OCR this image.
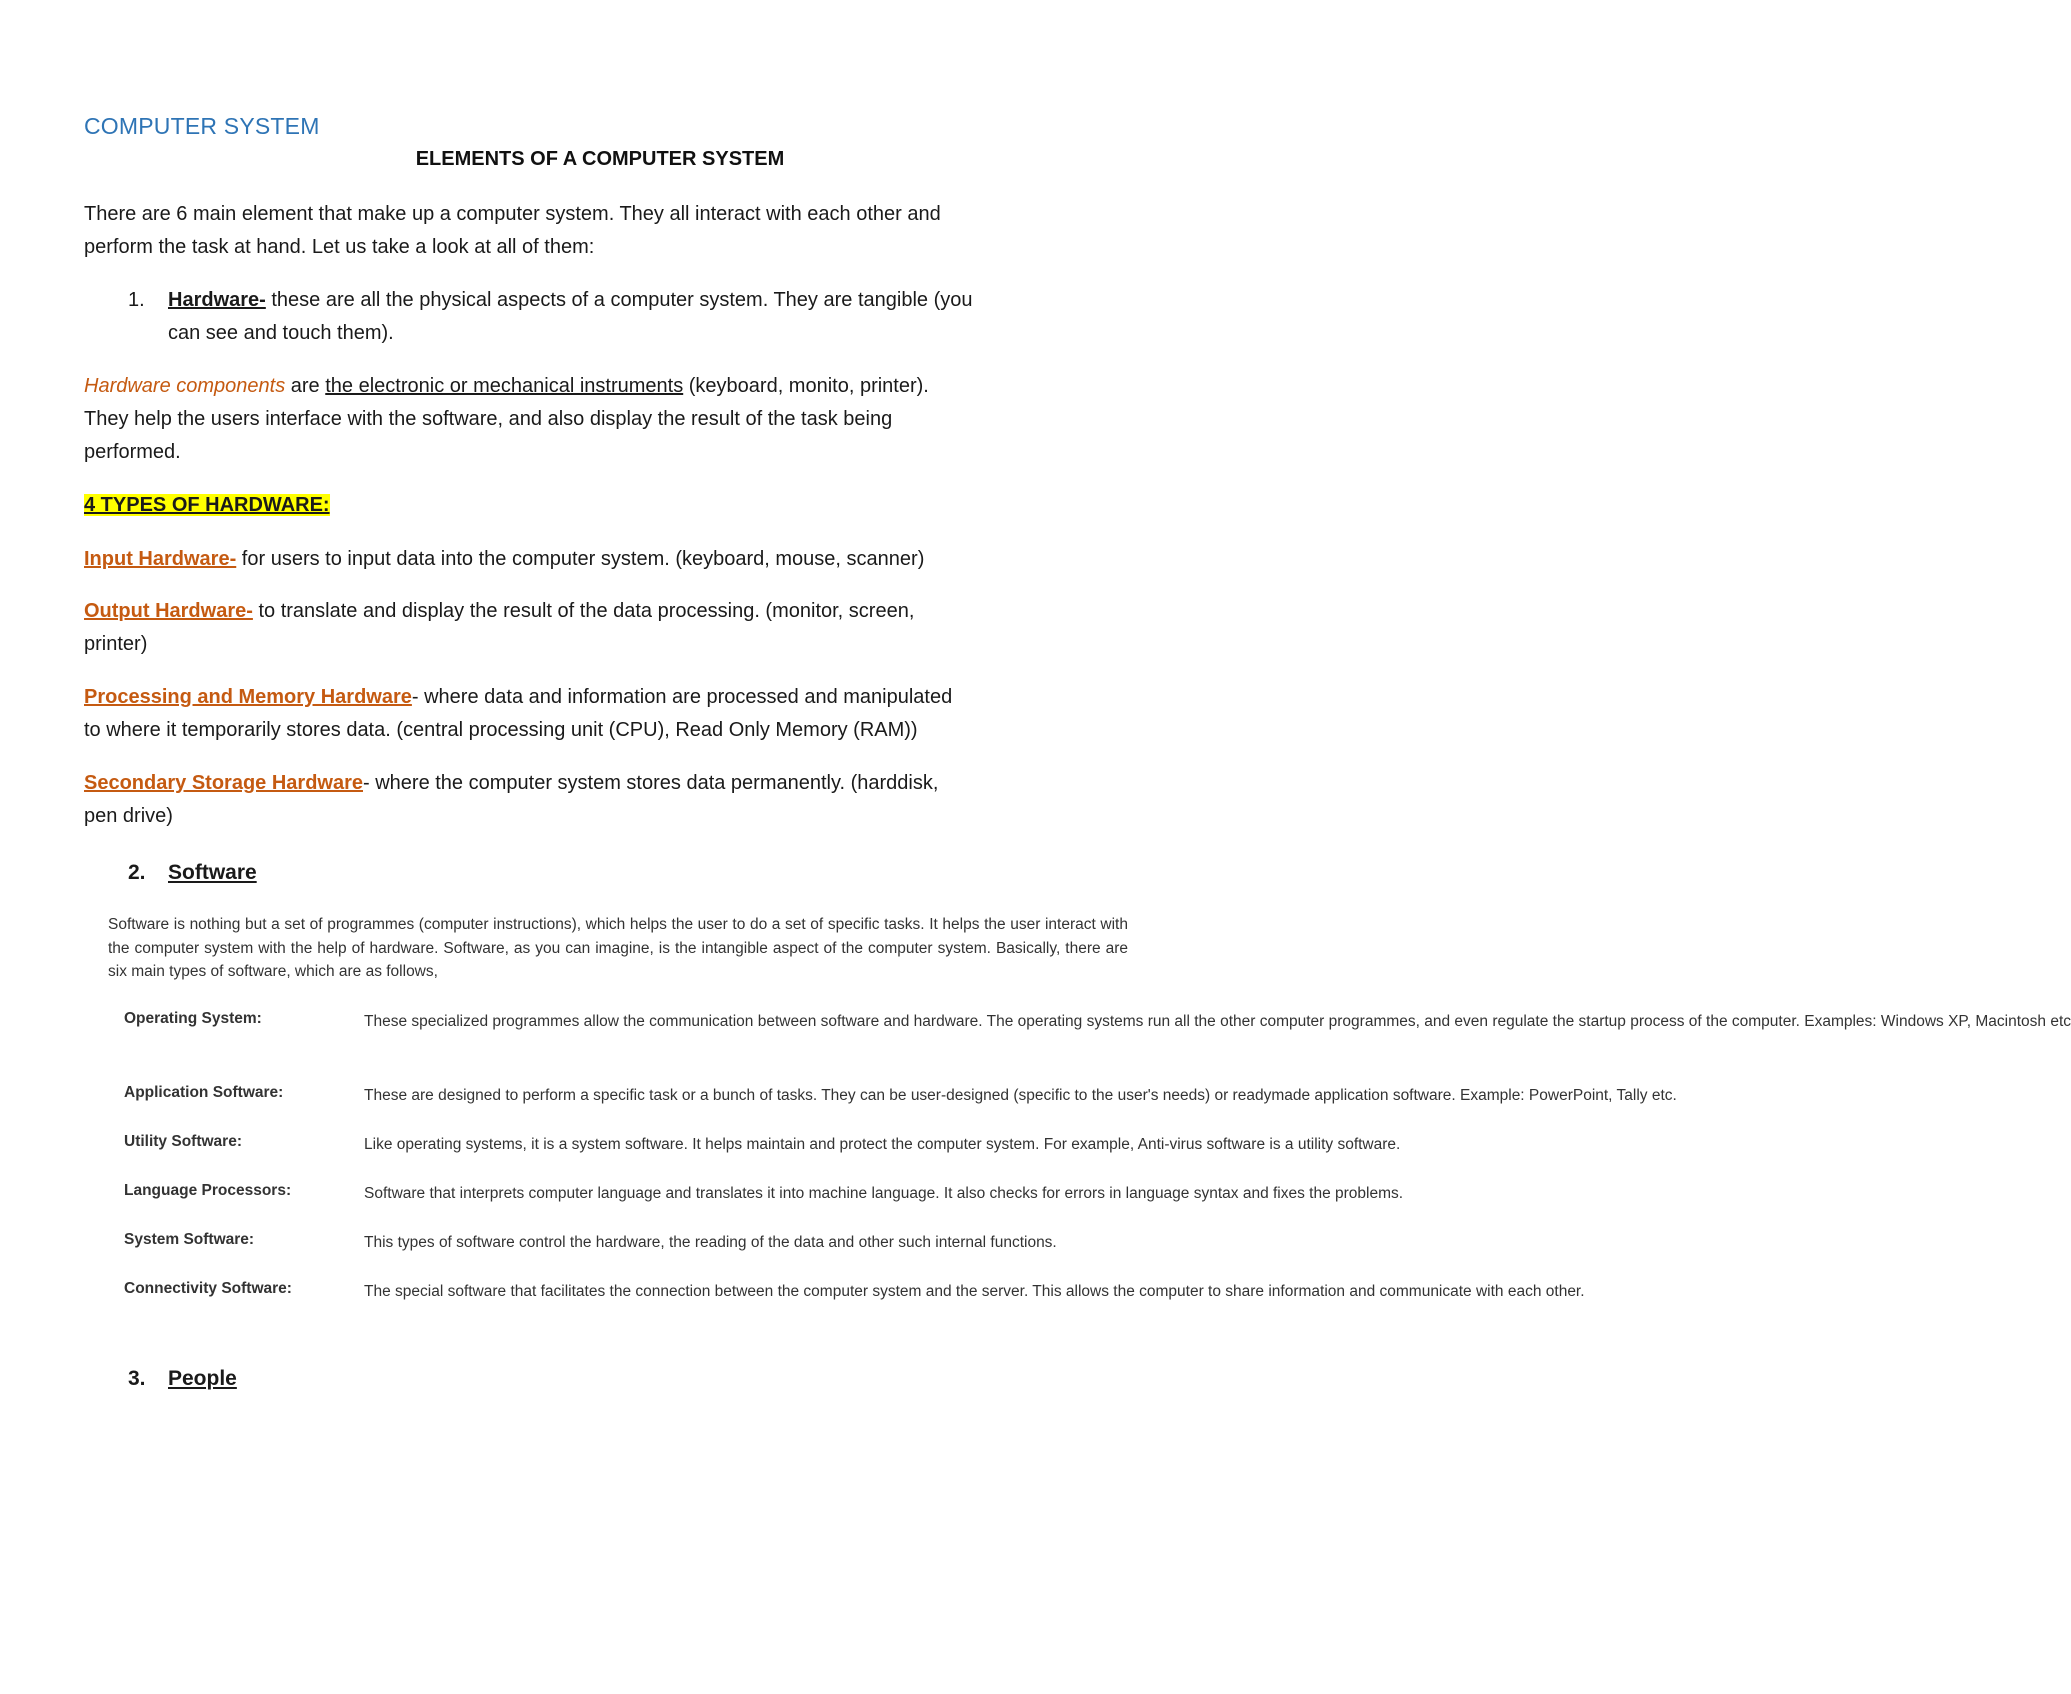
COMPUTER SYSTEM
ELEMENTS OF A COMPUTER SYSTEM
There are 6 main element that make up a computer system. They all interact with each other and
perform the task at hand. Let us take a look at all of them:
1. Hardware- these are all the physical aspects of a computer system. They are tangible (you
can see and touch them).
Hardware components are the electronic or mechanical instruments (keyboard, monito, printer).
They help the users interface with the software, and also display the result of the task being
performed.
4 TYPES OF HARDWARE:
Input Hardware- for users to input data into the computer system. (keyboard, mouse, scanner)
Output Hardware- to translate and display the result of the data processing. (monitor, screen,
printer)
Processing and Memory Hardware- where data and information are processed and manipulated
to where it temporarily stores data. (central processing unit (CPU), Read Only Memory (RAM))
Secondary Storage Hardware- where the computer system stores data permanently. (harddisk,
pen drive)
2. Software
Software is nothing but a set of programmes (computer instructions), which helps the user to do a set of specific tasks. It helps the user interact with the computer system with the help of hardware. Software, as you can imagine, is the intangible aspect of the computer system. Basically, there are six main types of software, which are as follows,
Operating System:	These specialized programmes allow the communication between software and hardware. The operating systems run all the other computer programmes, and even regulate the startup process of the computer. Examples: Windows XP, Macintosh etc
Application Software:	These are designed to perform a specific task or a bunch of tasks. They can be user-designed (specific to the user's needs) or readymade application software. Example: PowerPoint, Tally etc.
Utility Software:	Like operating systems, it is a system software. It helps maintain and protect the computer system. For example, Anti-virus software is a utility software.
Language Processors:	Software that interprets computer language and translates it into machine language. It also checks for errors in language syntax and fixes the problems.
System Software:	This types of software control the hardware, the reading of the data and other such internal functions.
Connectivity Software:	The special software that facilitates the connection between the computer system and the server. This allows the computer to share information and communicate with each other.
3. People
